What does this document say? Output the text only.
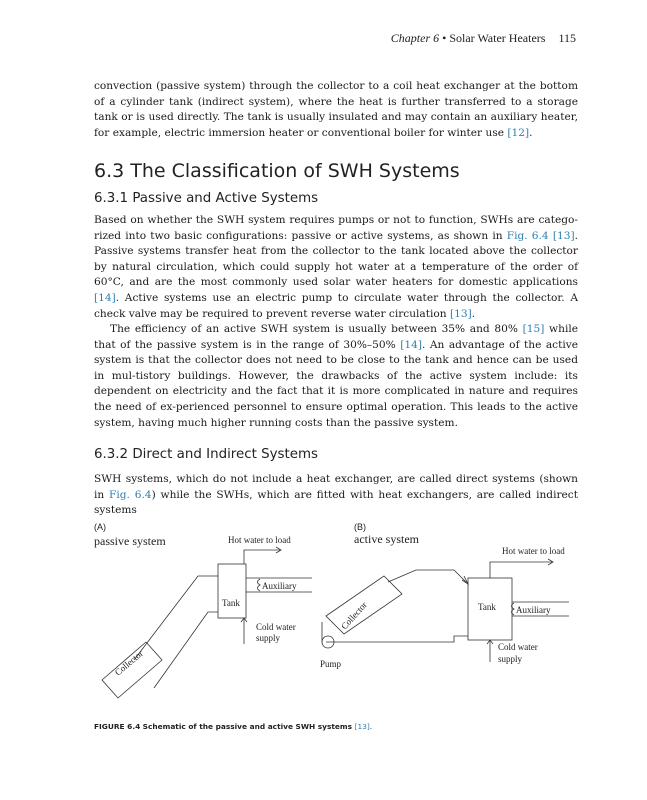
Chapter 6 • Solar Water Heaters 115

convection (passive system) through the collector to a coil heat exchanger at the bottom of a cylinder tank (indirect system), where the heat is further transferred to a storage tank or is used directly. The tank is usually insulated and may contain an auxiliary heater, for example, electric immersion heater or conventional boiler for winter use [12].

6.3 The Classification of SWH Systems
6.3.1 Passive and Active Systems

Based on whether the SWH system requires pumps or not to function, SWHs are catego-rized into two basic configurations: passive or active systems, as shown in Fig. 6.4 [13]. Passive systems transfer heat from the collector to the tank located above the collector by natural circulation, which could supply hot water at a temperature of the order of 60°C, and are the most commonly used solar water heaters for domestic applications [14]. Active systems use an electric pump to circulate water through the collector. A check valve may be required to prevent reverse water circulation [13].

The efficiency of an active SWH system is usually between 35% and 80% [15] while that of the passive system is in the range of 30%–50% [14]. An advantage of the active system is that the collector does not need to be close to the tank and hence can be used in mul-tistory buildings. However, the drawbacks of the active system include: its dependent on electricity and the fact that it is more complicated in nature and requires the need of ex-perienced personnel to ensure optimal operation. This leads to the active system, having much higher running costs than the passive system.

6.3.2 Direct and Indirect Systems

SWH systems, which do not include a heat exchanger, are called direct systems (shown in Fig. 6.4) while the SWHs, which are fitted with heat exchangers, are called indirect systems

(A)
passive system	Hot water to load
Tank
Auxiliary
Cold water
supply
Collector
(B)
active system
Hot water to load
Tank Auxiliary
Cold water
supply
Collector
Pump
FIGURE 6.4 Schematic of the passive and active SWH systems [13].
